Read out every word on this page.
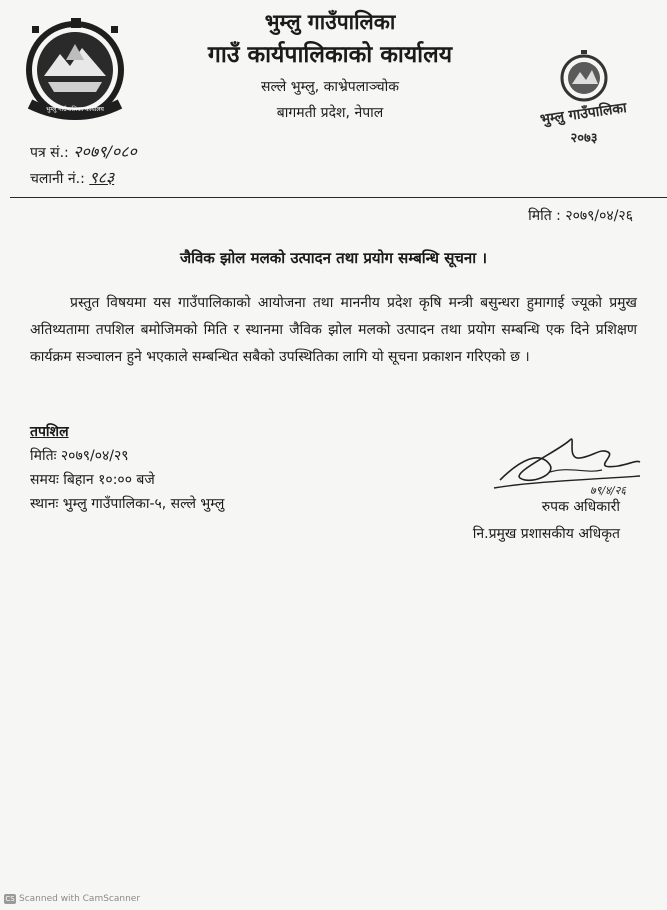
भुम्लु गाउँपालिका कार्यालय
भुम्लु गाउँपालिका
गाउँ कार्यपालिकाको कार्यालय
सल्ले भुम्लु, काभ्रेपलाञ्चोक
बागमती प्रदेश, नेपाल	भुम्लु गाउँपालिका
२०७३
पत्र सं.: २०७९/०८०
चलानी नं.: ९८३
मिति : २०७९/०४/२६
जैविक झोल मलको उत्पादन तथा प्रयोग सम्बन्धि सूचना ।
प्रस्तुत विषयमा यस गाउँपालिकाको आयोजना तथा माननीय प्रदेश कृषि मन्त्री बसुन्धरा हुमागाई ज्यूको प्रमुख अतिथ्यतामा तपशिल बमोजिमको मिति र स्थानमा जैविक झोल मलको उत्पादन तथा प्रयोग सम्बन्धि एक दिने प्रशिक्षण कार्यक्रम सञ्चालन हुने भएकाले सम्बन्धित सबैको उपस्थितिका लागि यो सूचना प्रकाशन गरिएको छ ।
तपशिल
मितिः २०७९/०४/२९
समयः बिहान १०:०० बजे
स्थानः भुम्लु गाउँपालिका-५, सल्ले भुम्लु
७९/४/२६
रुपक अधिकारी
नि.प्रमुख प्रशासकीय अधिकृत
CS Scanned with CamScanner
